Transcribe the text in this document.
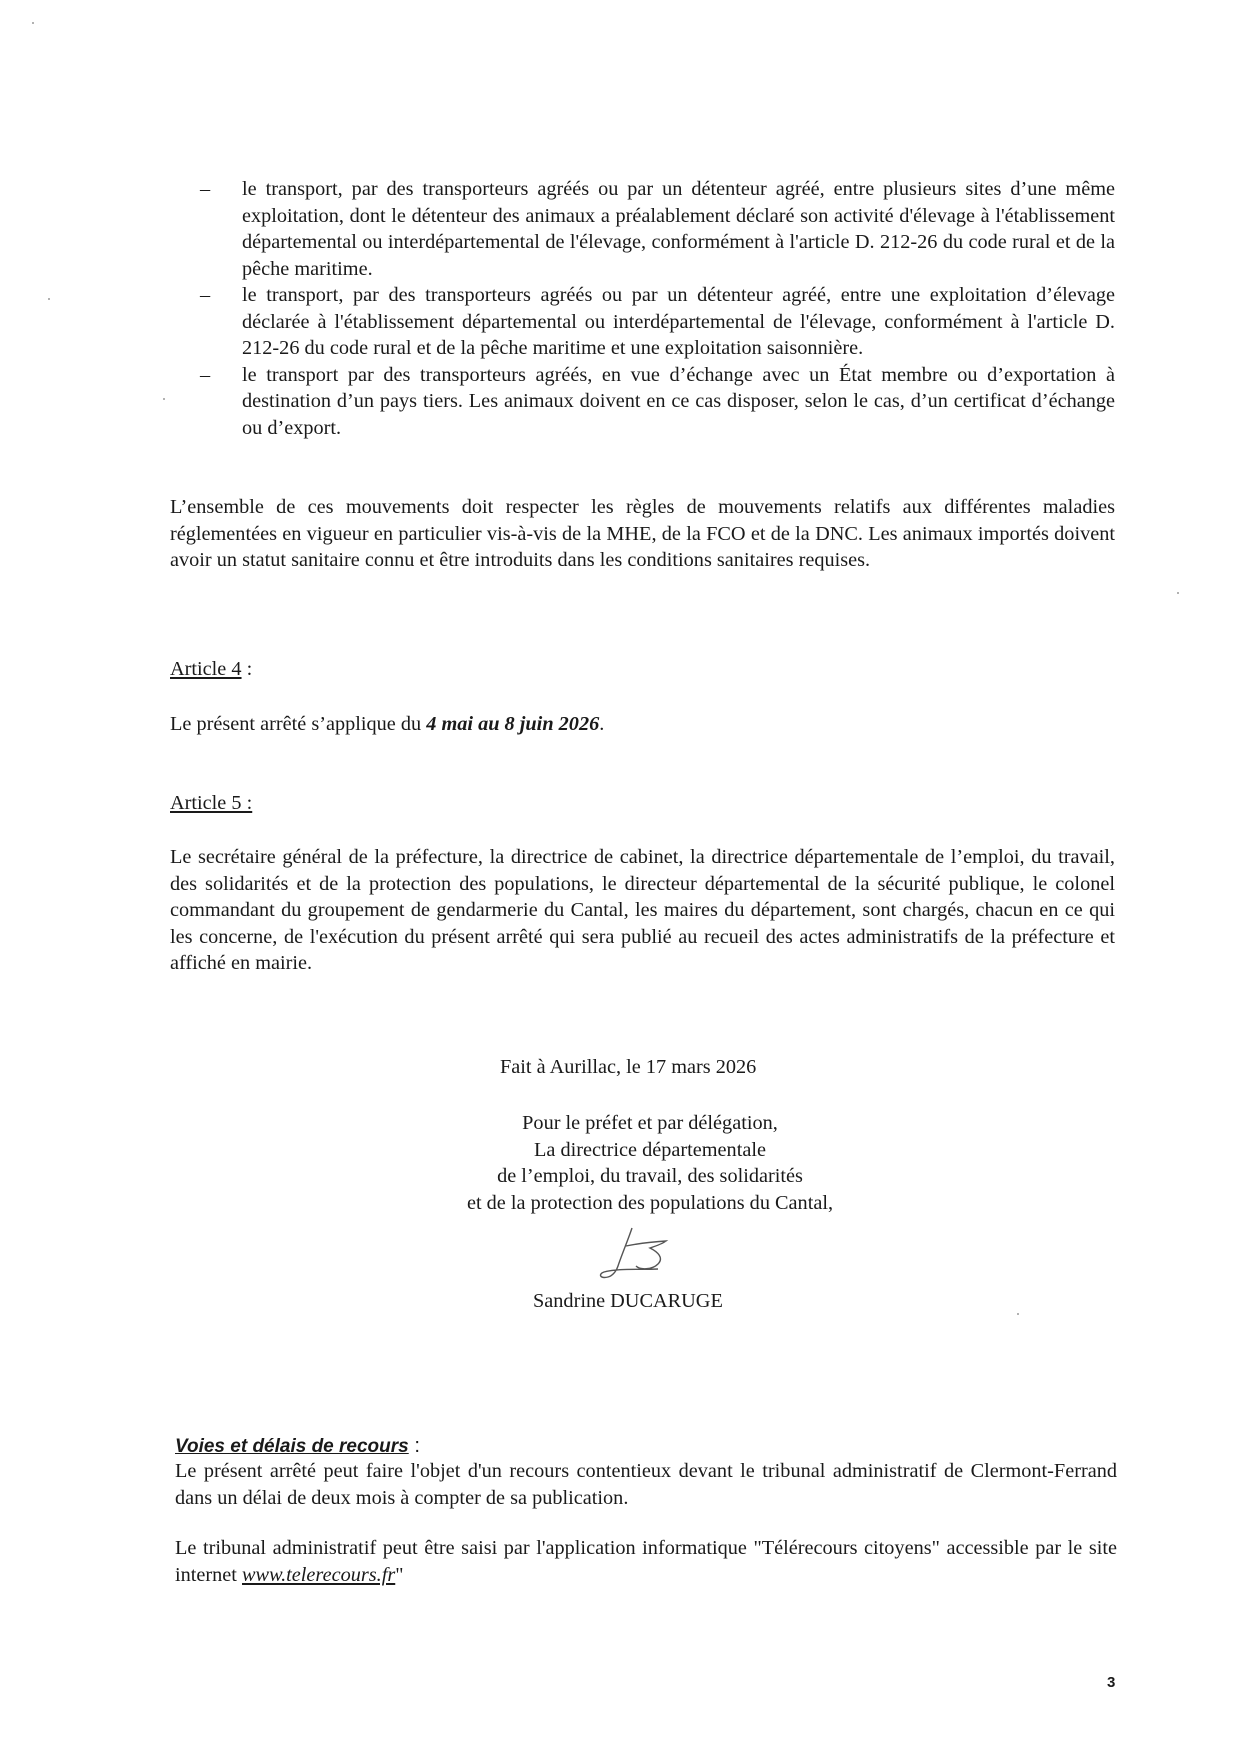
– le transport, par des transporteurs agréés ou par un détenteur agréé, entre plusieurs sites d’une même exploitation, dont le détenteur des animaux a préalablement déclaré son activité d'élevage à l'établissement départemental ou interdépartemental de l'élevage, conformément à l'article D. 212-26 du code rural et de la pêche maritime.
– le transport, par des transporteurs agréés ou par un détenteur agréé, entre une exploitation d’élevage déclarée à l'établissement départemental ou interdépartemental de l'élevage, conformément à l'article D. 212-26 du code rural et de la pêche maritime et une exploitation saisonnière.
– le transport par des transporteurs agréés, en vue d’échange avec un État membre ou d’exportation à destination d’un pays tiers. Les animaux doivent en ce cas disposer, selon le cas, d’un certificat d’échange ou d’export.
L’ensemble de ces mouvements doit respecter les règles de mouvements relatifs aux différentes maladies réglementées en vigueur en particulier vis-à-vis de la MHE, de la FCO et de la DNC. Les animaux importés doivent avoir un statut sanitaire connu et être introduits dans les conditions sanitaires requises.
Article 4 :
Le présent arrêté s’applique du 4 mai au 8 juin 2026.
Article 5 :
Le secrétaire général de la préfecture, la directrice de cabinet, la directrice départementale de l’emploi, du travail, des solidarités et de la protection des populations, le directeur départemental de la sécurité publique, le colonel commandant du groupement de gendarmerie du Cantal, les maires du département, sont chargés, chacun en ce qui les concerne, de l'exécution du présent arrêté qui sera publié au recueil des actes administratifs de la préfecture et affiché en mairie.
Fait à Aurillac, le 17 mars 2026
Pour le préfet et par délégation,
La directrice départementale
de l’emploi, du travail, des solidarités
et de la protection des populations du Cantal,
Sandrine DUCARUGE
Voies et délais de recours :
Le présent arrêté peut faire l'objet d'un recours contentieux devant le tribunal administratif de Clermont-Ferrand dans un délai de deux mois à compter de sa publication.
Le tribunal administratif peut être saisi par l'application informatique "Télérecours citoyens" accessible par le site internet www.telerecours.fr"
3
